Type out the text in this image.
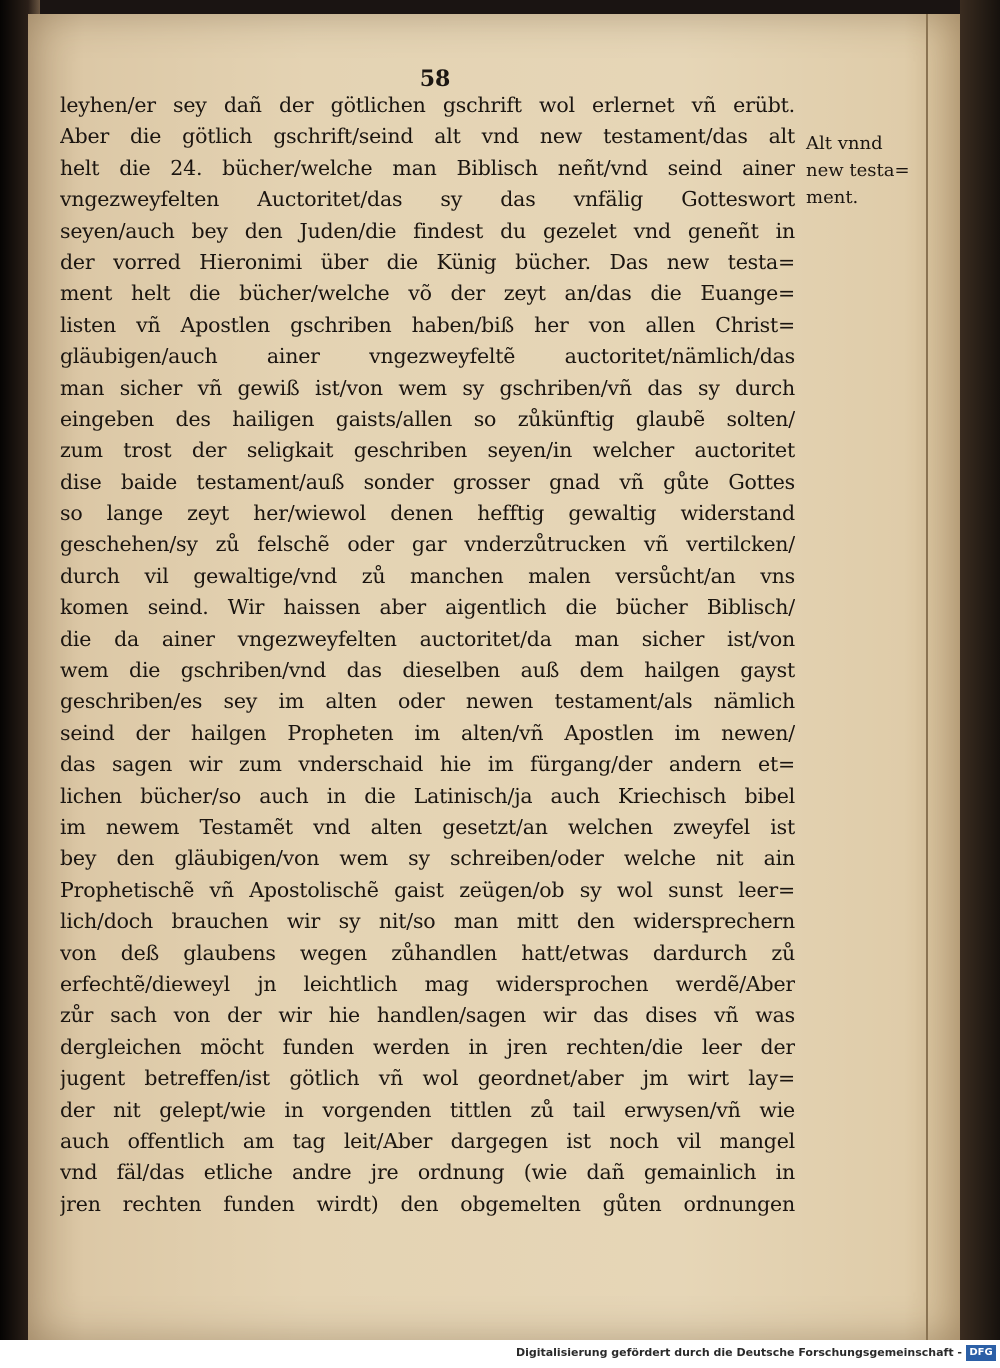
58
leyhen/er sey dañ der götlichen gschrift wol erlernet vñ erübt.
Aber die götlich gschrift/seind alt vnd new testament/das alt
helt die 24. bücher/welche man Biblisch neñt/vnd seind ainer
vngezweyfelten Auctoritet/das sy das vnfälig Gotteswort
seyen/auch bey den Juden/die findest du gezelet vnd geneñt in
der vorred Hieronimi über die Künig bücher. Das new testa=
ment helt die bücher/welche võ der zeyt an/das die Euange=
listen vñ Apostlen gschriben haben/biß her von allen Christ=
gläubigen/auch ainer vngezweyfeltẽ auctoritet/nämlich/das
man sicher vñ gewiß ist/von wem sy gschriben/vñ das sy durch
eingeben des hailigen gaists/allen so zůkünftig glaubẽ solten/
zum trost der seligkait geschriben seyen/in welcher auctoritet
dise baide testament/auß sonder grosser gnad vñ gůte Gottes
so lange zeyt her/wiewol denen hefftig gewaltig widerstand
geschehen/sy zů felschẽ oder gar vnderzůtrucken vñ vertilcken/
durch vil gewaltige/vnd zů manchen malen versůcht/an vns
komen seind. Wir haissen aber aigentlich die bücher Biblisch/
die da ainer vngezweyfelten auctoritet/da man sicher ist/von
wem die gschriben/vnd das dieselben auß dem hailgen gayst
geschriben/es sey im alten oder newen testament/als nämlich
seind der hailgen Propheten im alten/vñ Apostlen im newen/
das sagen wir zum vnderschaid hie im fürgang/der andern et=
lichen bücher/so auch in die Latinisch/ja auch Kriechisch bibel
im newem Testamẽt vnd alten gesetzt/an welchen zweyfel ist
bey den gläubigen/von wem sy schreiben/oder welche nit ain
Prophetischẽ vñ Apostolischẽ gaist zeügen/ob sy wol sunst leer=
lich/doch brauchen wir sy nit/so man mitt den widersprechern
von deß glaubens wegen zůhandlen hatt/etwas dardurch zů
erfechtẽ/dieweyl jn leichtlich mag widersprochen werdẽ/Aber
zůr sach von der wir hie handlen/sagen wir das dises vñ was
dergleichen möcht funden werden in jren rechten/die leer der
jugent betreffen/ist götlich vñ wol geordnet/aber jm wirt lay=
der nit gelept/wie in vorgenden tittlen zů tail erwysen/vñ wie
auch offentlich am tag leit/Aber dargegen ist noch vil mangel
vnd fäl/das etliche andre jre ordnung (wie dañ gemainlich in
jren rechten funden wirdt) den obgemelten gůten ordnungen
Alt vnnd
new testa=
ment.
Digitalisierung gefördert durch die Deutsche Forschungsgemeinschaft - DFG
